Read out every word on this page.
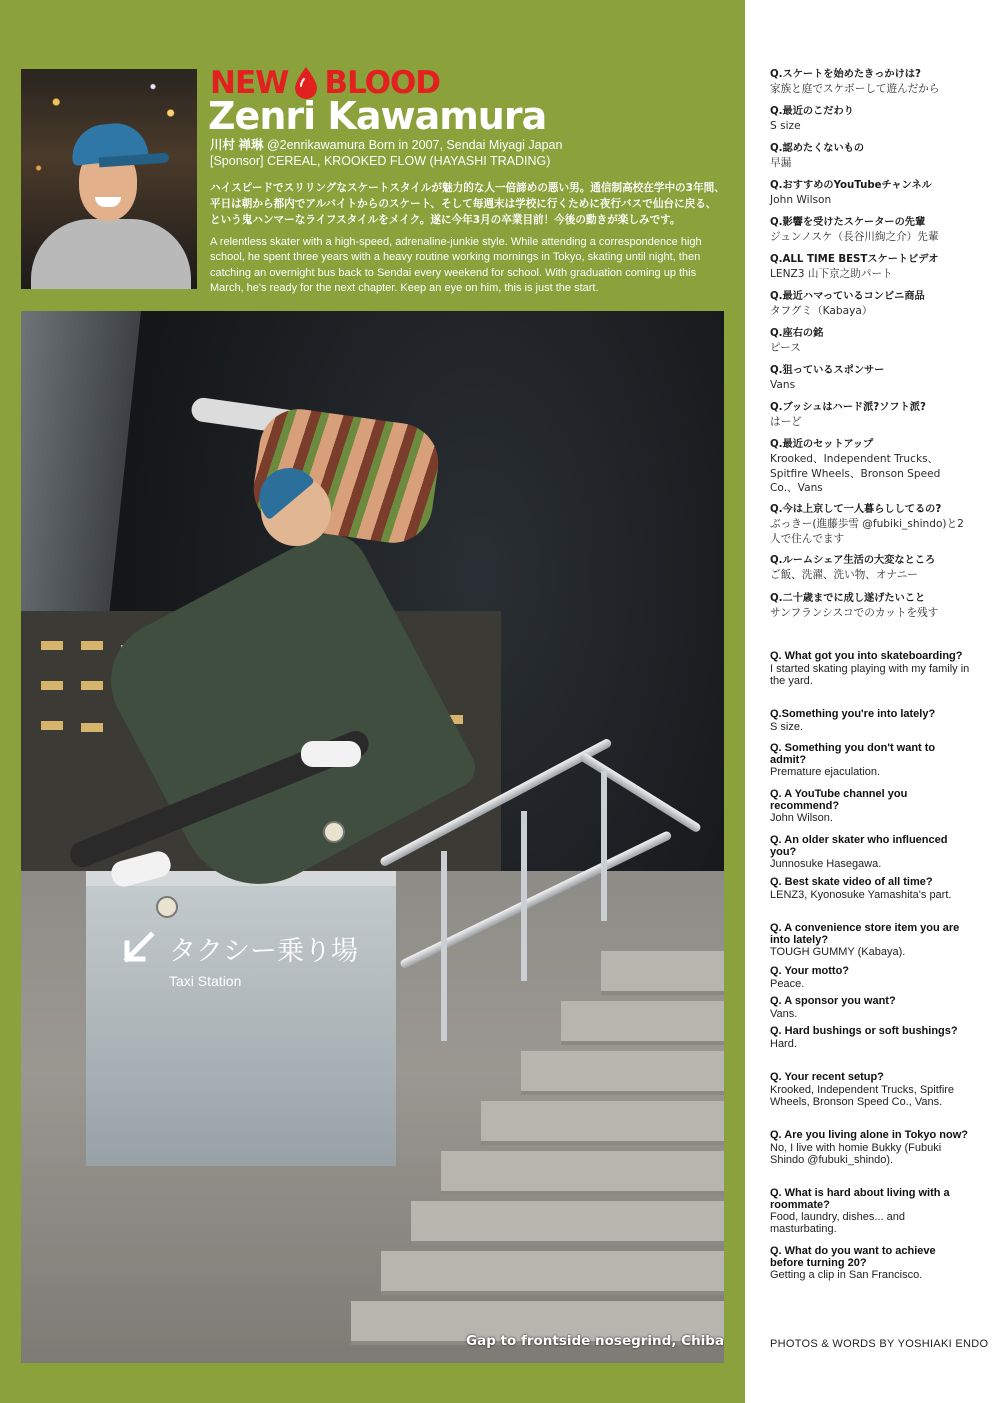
NEW BLOOD
Zenri Kawamura
川村 禅琳 @2enrikawamura Born in 2007, Sendai Miyagi Japan
[Sponsor] CEREAL, KROOKED FLOW (HAYASHI TRADING)
ハイスピードでスリリングなスケートスタイルが魅力的な人一倍諦めの悪い男。通信制高校在学中の3年間、平日は朝から都内でアルバイトからのスケート、そして毎週末は学校に行くために夜行バスで仙台に戻る、という鬼ハンマーなライフスタイルをメイク。遂に今年3月の卒業目前！今後の動きが楽しみです。
A relentless skater with a high-speed, adrenaline-junkie style. While attending a correspondence high school, he spent three years with a heavy routine working mornings in Tokyo, skating until night, then catching an overnight bus back to Sendai every weekend for school. With graduation coming up this March, he's ready for the next chapter. Keep an eye on him, this is just the start.
タクシー乗り場
Taxi Station
Gap to frontside nosegrind, Chiba
Q.スケートを始めたきっかけは?
家族と庭でスケボーして遊んだから
Q.最近のこだわり
S size
Q.認めたくないもの
早漏
Q.おすすめのYouTubeチャンネル
John Wilson
Q.影響を受けたスケーターの先輩
ジュンノスケ（長谷川絢之介）先輩
Q.ALL TIME BESTスケートビデオ
LENZ3 山下京之助パート
Q.最近ハマっているコンビニ商品
タフグミ（Kabaya）
Q.座右の銘
ピース
Q.狙っているスポンサー
Vans
Q.ブッシュはハード派?ソフト派?
はーど
Q.最近のセットアップ
Krooked、Independent Trucks、Spitfire Wheels、Bronson Speed Co.、Vans
Q.今は上京して一人暮らししてるの?
ぶっきー(進藤歩雪 @fubiki_shindo)と2人で住んでます
Q.ルームシェア生活の大変なところ
ご飯、洗濯、洗い物、オナニー
Q.二十歳までに成し遂げたいこと
サンフランシスコでのカットを残す
Q. What got you into skateboarding?
I started skating playing with my family in the yard.
Q.Something you're into lately?
S size.
Q. Something you don't want to admit?
Premature ejaculation.
Q. A YouTube channel you recommend?
John Wilson.
Q. An older skater who influenced you?
Junnosuke Hasegawa.
Q. Best skate video of all time?
LENZ3, Kyonosuke Yamashita's part.
Q. A convenience store item you are into lately?
TOUGH GUMMY (Kabaya).
Q. Your motto?
Peace.
Q. A sponsor you want?
Vans.
Q. Hard bushings or soft bushings?
Hard.
Q. Your recent setup?
Krooked, Independent Trucks, Spitfire Wheels, Bronson Speed Co., Vans.
Q. Are you living alone in Tokyo now?
No, I live with homie Bukky (Fubuki Shindo @fubuki_shindo).
Q. What is hard about living with a roommate?
Food, laundry, dishes... and masturbating.
Q. What do you want to achieve before turning 20?
Getting a clip in San Francisco.
PHOTOS & WORDS BY YOSHIAKI ENDO
